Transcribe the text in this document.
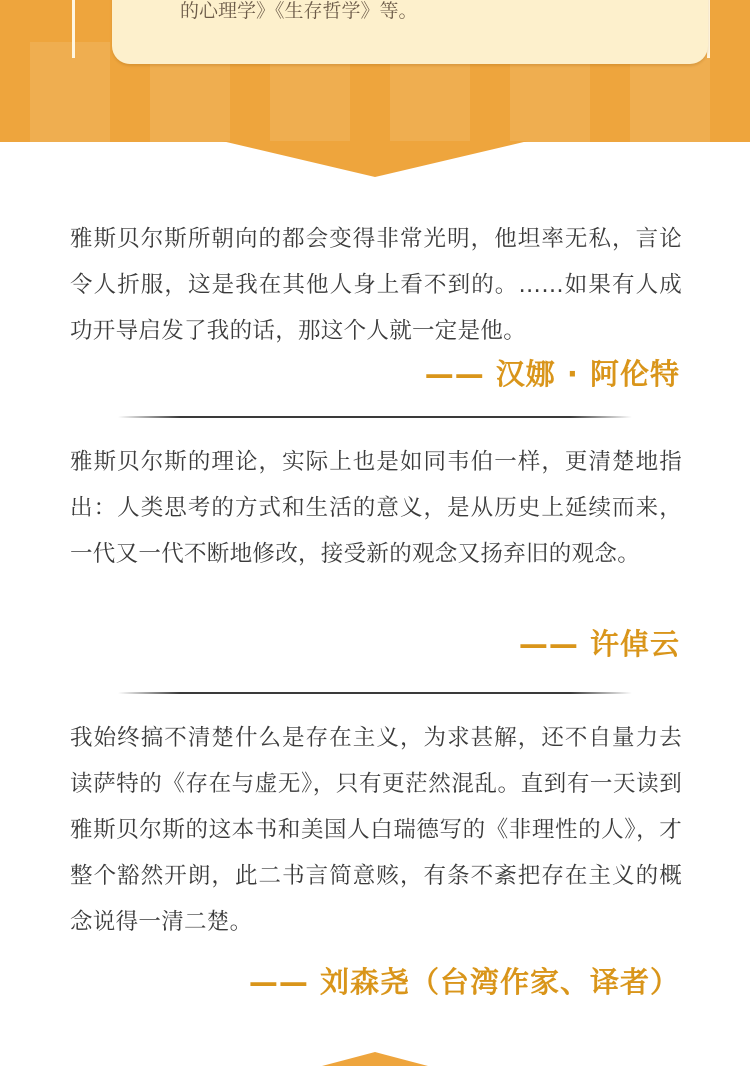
的心理学》《生存哲学》等。
雅斯贝尔斯所朝向的都会变得非常光明，他坦率无私，言论令人折服，这是我在其他人身上看不到的。……如果有人成功开导启发了我的话，那这个人就一定是他。
—— 汉娜 · 阿伦特
雅斯贝尔斯的理论，实际上也是如同韦伯一样，更清楚地指出：人类思考的方式和生活的意义，是从历史上延续而来，一代又一代不断地修改，接受新的观念又扬弃旧的观念。
—— 许倬云
我始终搞不清楚什么是存在主义，为求甚解，还不自量力去读萨特的《存在与虚无》，只有更茫然混乱。直到有一天读到雅斯贝尔斯的这本书和美国人白瑞德写的《非理性的人》，才整个豁然开朗，此二书言简意赅，有条不紊把存在主义的概念说得一清二楚。
—— 刘森尧（台湾作家、译者）
